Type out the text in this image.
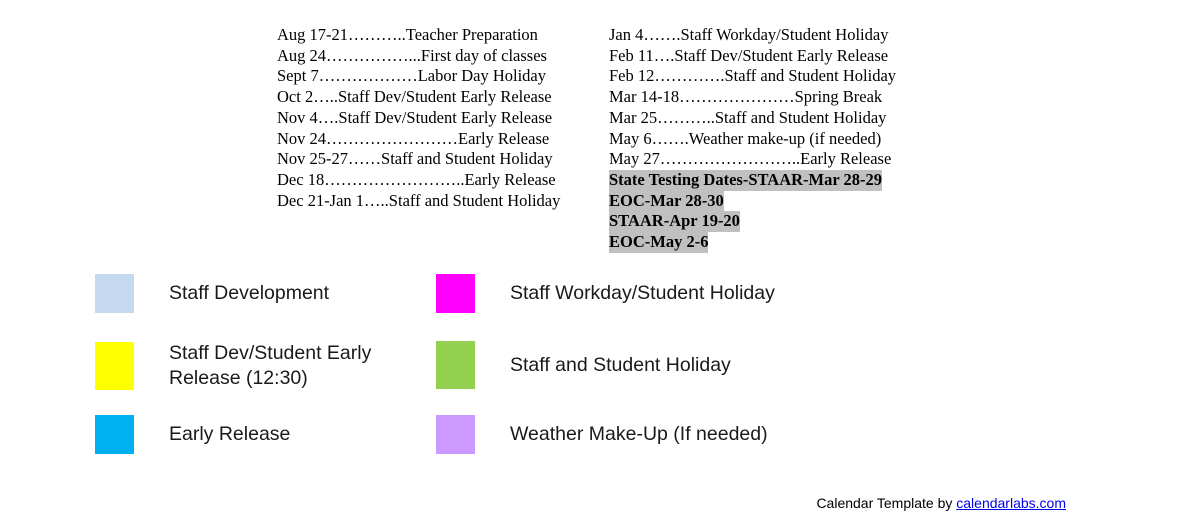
Aug 17-21………..Teacher Preparation
Aug 24……………...First day of classes
Sept 7………………Labor Day Holiday
Oct 2…..Staff Dev/Student Early Release
Nov 4….Staff Dev/Student Early Release
Nov 24……………………Early Release
Nov 25-27……Staff and Student Holiday
Dec 18……………………..Early Release
Dec 21-Jan 1…..Staff and Student Holiday
Jan 4…….Staff Workday/Student Holiday
Feb 11….Staff Dev/Student Early Release
Feb 12………….Staff and Student Holiday
Mar 14-18…………………Spring Break
Mar 25………..Staff and Student Holiday
May 6…….Weather make-up (if needed)
May 27……………………..Early Release
State Testing Dates-STAAR-Mar 28-29
EOC-Mar 28-30
STAAR-Apr 19-20
EOC-May 2-6
Staff Development	Staff Workday/Student Holiday
Staff Dev/Student Early
Release (12:30)
Staff and Student Holiday
Early Release	Weather Make-Up (If needed)
Calendar Template by calendarlabs.com
